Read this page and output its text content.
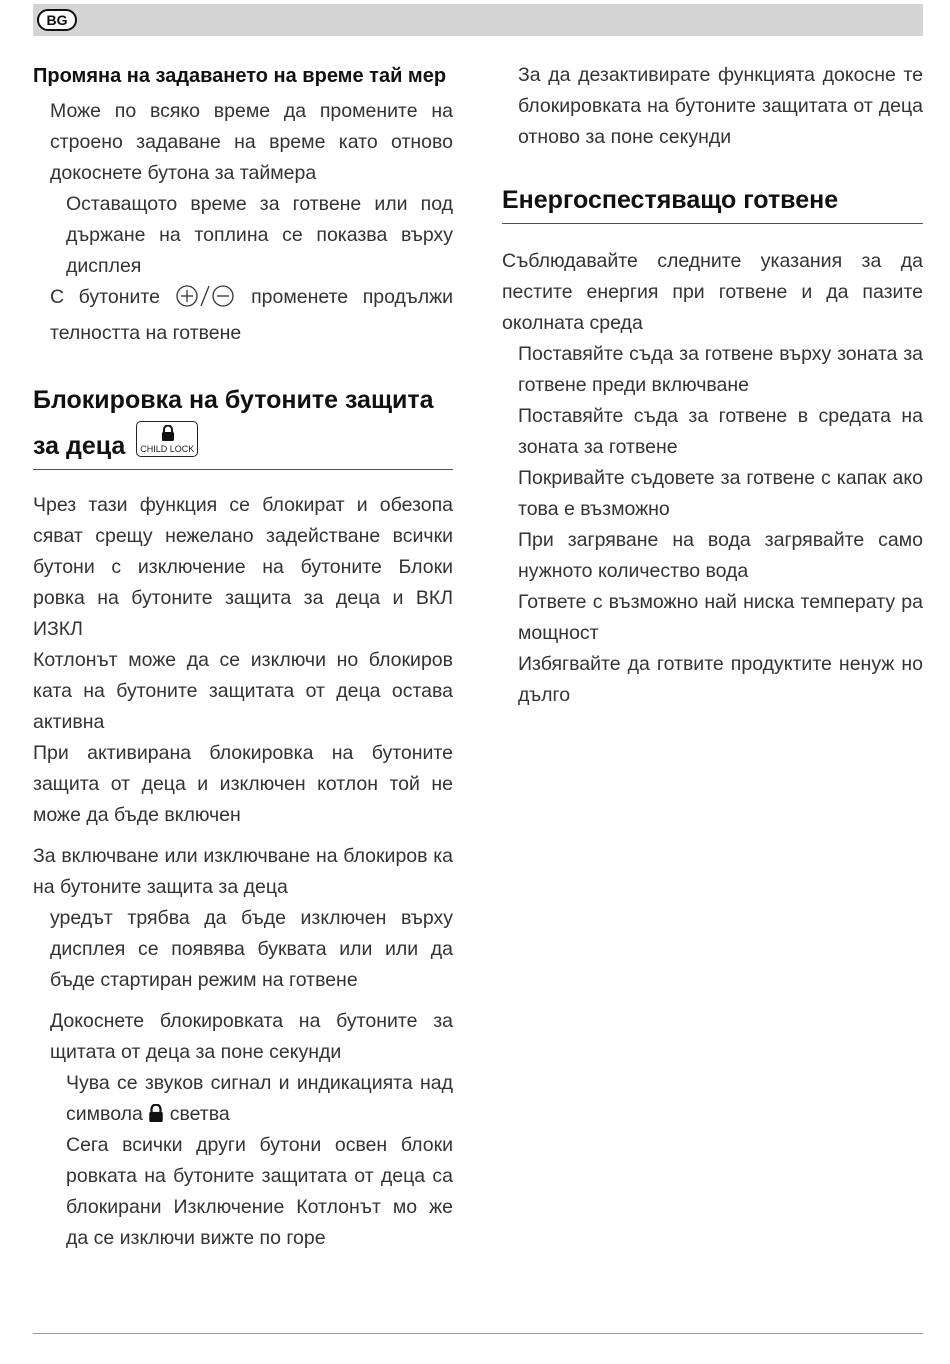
BG
Промяна на задаването на време тай мер

Може по всяко време да промените на строено задаване на време като отново докоснете бутона за таймера

Оставащото време за готвене или под държане на топлина се показва върху дисплея

С бутоните	променете продължи телността на готвене

Блокировка на бутоните защита за деца	CHILD LOCK

Чрез тази функция се блокират и обезопа сяват срещу нежелано задействане всички бутони с изключение на бутоните Блоки ровка на бутоните защита за деца и ВКЛ ИЗКЛ

Котлонът може да се изключи но блокиров ката на бутоните защитата от деца остава активна

При активирана блокировка на бутоните защита от деца и изключен котлон той не може да бъде включен

За включване или изключване на блокиров ка на бутоните защита за деца

уредът трябва да бъде изключен върху дисплея се появява буквата или или да бъде стартиран режим на готвене

Докоснете блокировката на бутоните за щитата от деца за поне секунди

Чува се звуков сигнал и индикацията над символа светва

Сега всички други бутони освен блоки ровката на бутоните защитата от деца са блокирани Изключение Котлонът мо же да се изключи вижте по горе

За да дезактивирате функцията докосне те блокировката на бутоните защитата от деца отново за поне секунди

Енергоспестяващо готвене

Съблюдавайте следните указания за да пестите енергия при готвене и да пазите околната среда

Поставяйте съда за готвене върху зоната за готвене преди включване

Поставяйте съда за готвене в средата на зоната за готвене

Покривайте съдовете за готвене с капак ако това е възможно

При загряване на вода загрявайте само нужното количество вода

Гответе с възможно най ниска температу ра мощност

Избягвайте да готвите продуктите ненуж но дълго
